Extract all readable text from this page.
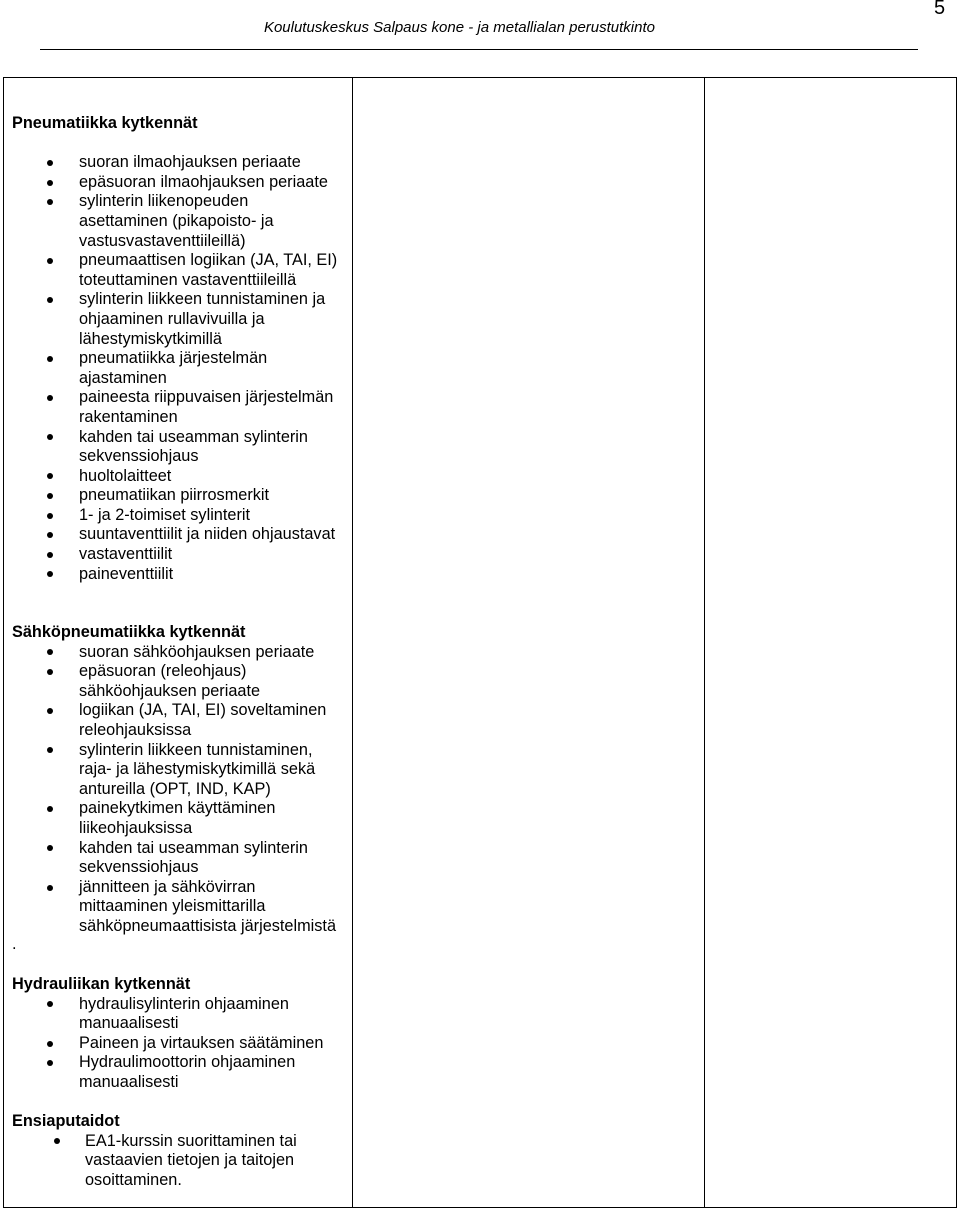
5
Koulutuskeskus Salpaus kone - ja metallialan perustutkinto
Pneumatiikka kytkennät
suoran ilmaohjauksen periaate
epäsuoran ilmaohjauksen periaate
sylinterin liikenopeuden
asettaminen (pikapoisto- ja
vastusvastaventtiileillä)
pneumaattisen logiikan (JA, TAI, EI)
toteuttaminen vastaventtiileillä
sylinterin liikkeen tunnistaminen ja
ohjaaminen rullavivuilla ja
lähestymiskytkimillä
pneumatiikka järjestelmän
ajastaminen
paineesta riippuvaisen järjestelmän
rakentaminen
kahden tai useamman sylinterin
sekvenssiohjaus
huoltolaitteet
pneumatiikan piirrosmerkit
1- ja 2-toimiset sylinterit
suuntaventtiilit ja niiden ohjaustavat
vastaventtiilit
paineventtiilit
Sähköpneumatiikka kytkennät
suoran sähköohjauksen periaate
epäsuoran (releohjaus)
sähköohjauksen periaate
logiikan (JA, TAI, EI) soveltaminen
releohjauksissa
sylinterin liikkeen tunnistaminen,
raja- ja lähestymiskytkimillä sekä
antureilla (OPT, IND, KAP)
painekytkimen käyttäminen
liikeohjauksissa
kahden tai useamman sylinterin
sekvenssiohjaus
jännitteen ja sähkövirran
mittaaminen yleismittarilla
sähköpneumaattisista järjestelmistä
.
Hydrauliikan kytkennät
hydraulisylinterin ohjaaminen
manuaalisesti
Paineen ja virtauksen säätäminen
Hydraulimoottorin ohjaaminen
manuaalisesti
Ensiaputaidot
EA1-kurssin suorittaminen tai
vastaavien tietojen ja taitojen
osoittaminen.
